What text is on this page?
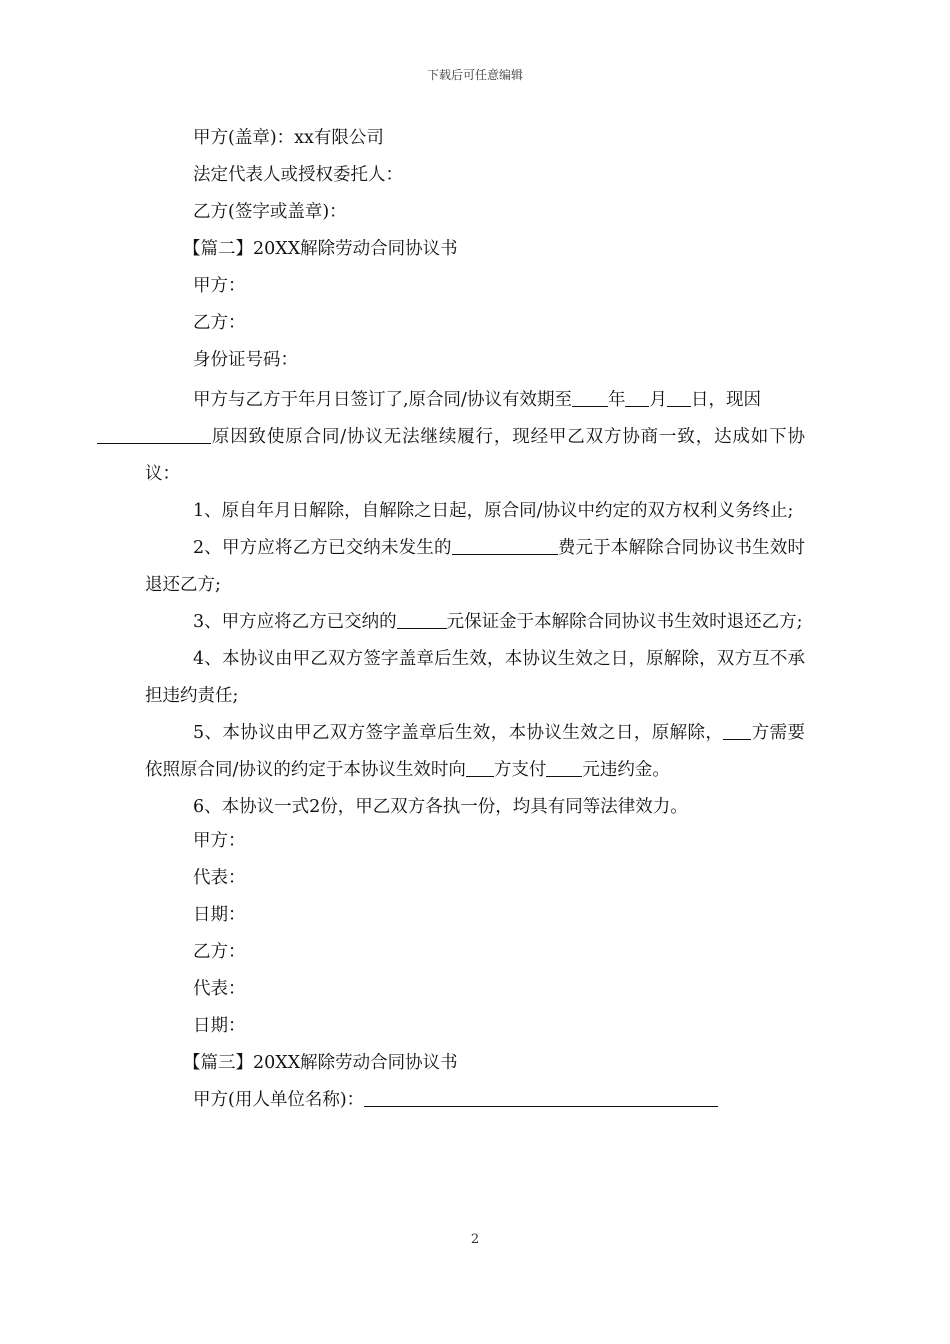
下载后可任意编辑
甲方(盖章)：xx有限公司
法定代表人或授权委托人：
乙方(签字或盖章)：
【篇二】20XX解除劳动合同协议书
甲方：
乙方：
身份证号码：

甲方与乙方于年月日签订了,原合同/协议有效期至 年 月 日，现因
原因致使原合同/协议无法继续履行，现经甲乙双方协商一致，达成如下协议：

1、原自年月日解除，自解除之日起，原合同/协议中约定的双方权利义务终止;

2、甲方应将乙方已交纳未发生的	费元于本解除合同协议书生效时退还乙方;

3、甲方应将乙方已交纳的	元保证金于本解除合同协议书生效时退还乙方;

4、本协议由甲乙双方签字盖章后生效，本协议生效之日，原解除，双方互不承担违约责任;

5、本协议由甲乙双方签字盖章后生效，本协议生效之日，原解除， 方需要依照原合同/协议的约定于本协议生效时向 方支付 元违约金。

6、本协议一式2份，甲乙双方各执一份，均具有同等法律效力。

甲方：
代表：
日期：
乙方：
代表：
日期：
【篇三】20XX解除劳动合同协议书
甲方(用人单位名称)：
2
